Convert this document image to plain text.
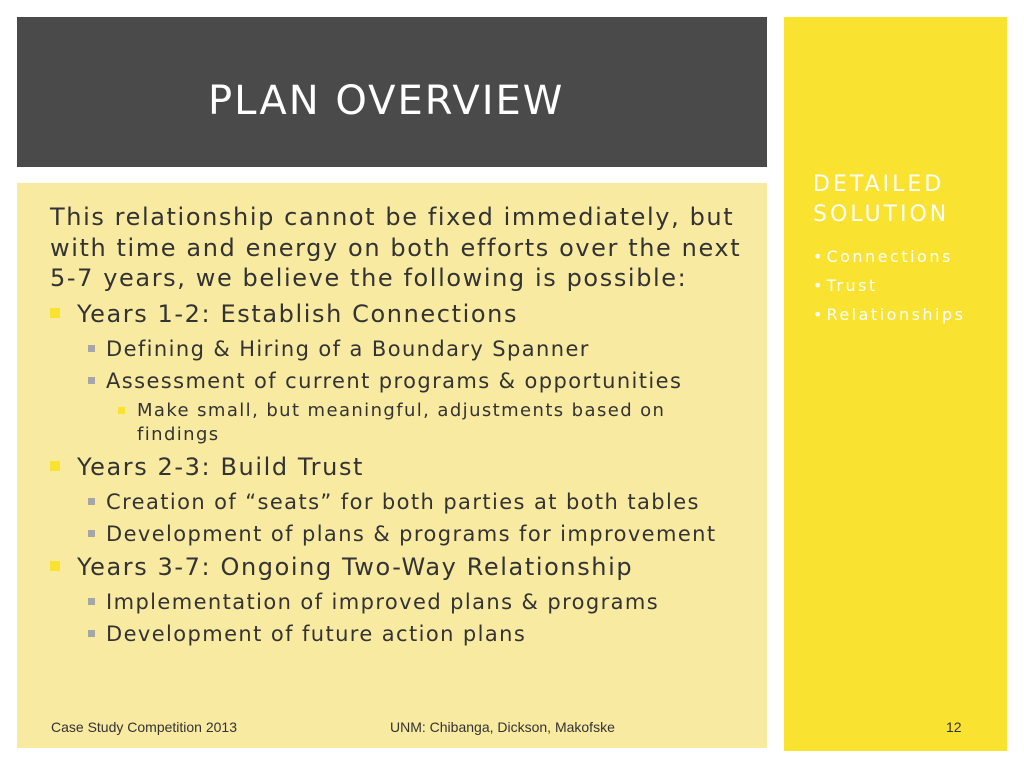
PLAN OVERVIEW
DETAILED SOLUTION
• Connections
• Trust
• Relationships

This relationship cannot be fixed immediately, but with time and energy on both efforts over the next 5-7 years, we believe the following is possible:

Years 1-2: Establish Connections
Defining & Hiring of a Boundary Spanner
Assessment of current programs & opportunities
Make small, but meaningful, adjustments based on findings
Years 2-3: Build Trust
Creation of “seats” for both parties at both tables
Development of plans & programs for improvement
Years 3-7: Ongoing Two-Way Relationship
Implementation of improved plans & programs
Development of future action plans
Case Study Competition 2013	UNM: Chibanga, Dickson, Makofske	12
